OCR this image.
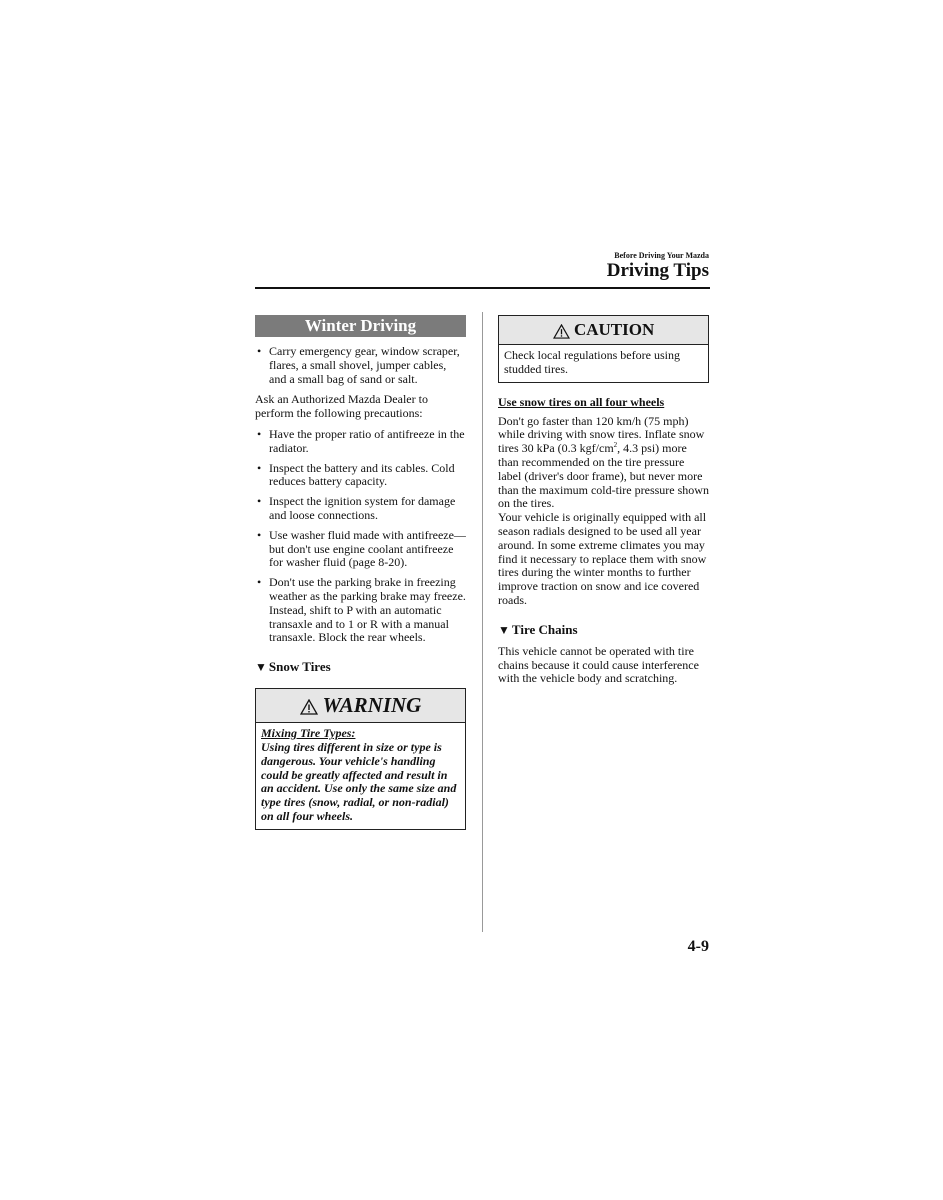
Before Driving Your Mazda
Driving Tips
Winter Driving
• Carry emergency gear, window scraper, flares, a small shovel, jumper cables, and a small bag of sand or salt.

Ask an Authorized Mazda Dealer to perform the following precautions:

• Have the proper ratio of antifreeze in the radiator.
• Inspect the battery and its cables. Cold reduces battery capacity.
• Inspect the ignition system for damage and loose connections.
• Use washer fluid made with antifreeze—but don't use engine coolant antifreeze for washer fluid (page 8-20).
• Don't use the parking brake in freezing weather as the parking brake may freeze. Instead, shift to P with an automatic transaxle and to 1 or R with a manual transaxle. Block the rear wheels.
▼ Snow Tires
WARNING
Mixing Tire Types:
Using tires different in size or type is dangerous. Your vehicle's handling could be greatly affected and result in an accident. Use only the same size and type tires (snow, radial, or non-radial) on all four wheels.
CAUTION
Check local regulations before using studded tires.
Use snow tires on all four wheels

Don't go faster than 120 km/h (75 mph) while driving with snow tires. Inflate snow tires 30 kPa (0.3 kgf/$cm^2$, 4.3 psi) more than recommended on the tire pressure label (driver's door frame), but never more than the maximum cold-tire pressure shown on the tires.

Your vehicle is originally equipped with all season radials designed to be used all year around. In some extreme climates you may find it necessary to replace them with snow tires during the winter months to further improve traction on snow and ice covered roads.

▼ Tire Chains

This vehicle cannot be operated with tire chains because it could cause interference with the vehicle body and scratching.

4-9
